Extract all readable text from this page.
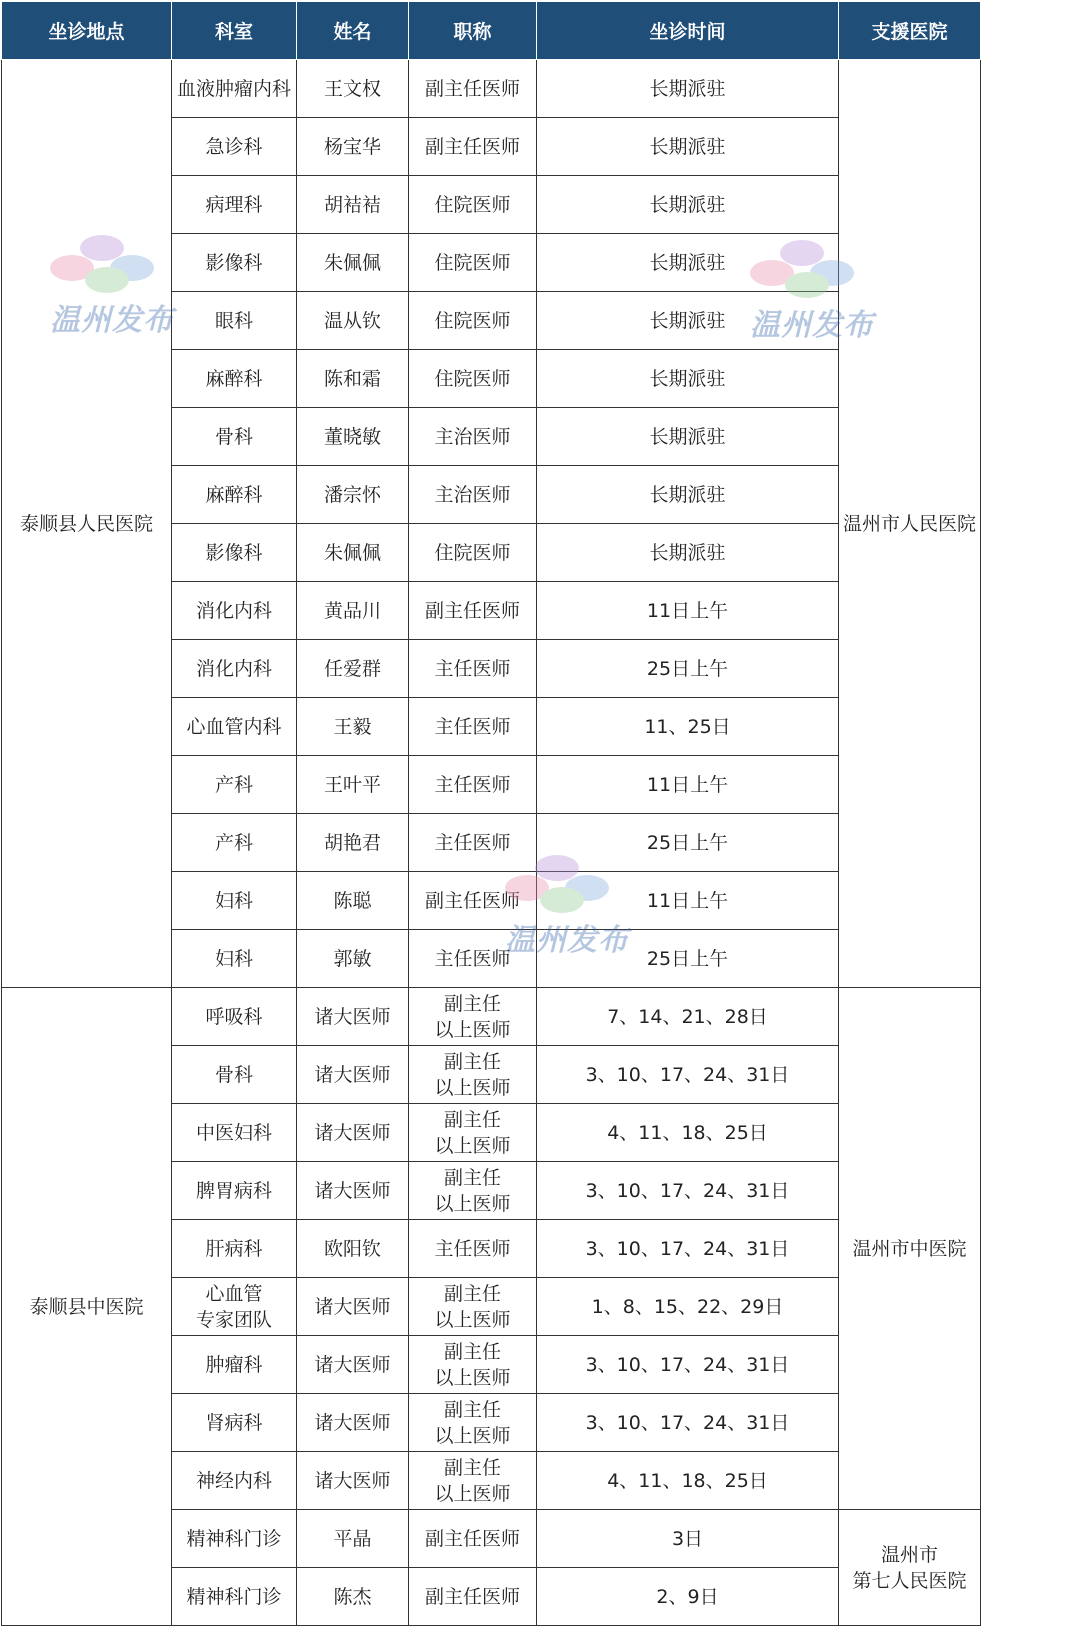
坐诊地点	科室	姓名	职称	坐诊时间	支援医院
泰顺县人民医院	血液肿瘤内科	王文权	副主任医师	长期派驻	温州市人民医院

	急诊科	杨宝华	副主任医师	长期派驻	

	病理科	胡袺袺	住院医师	长期派驻	

	影像科	朱佩佩	住院医师	长期派驻	

	眼科	温从钦	住院医师	长期派驻	

	麻醉科	陈和霜	住院医师	长期派驻	

	骨科	董晓敏	主治医师	长期派驻	

	麻醉科	潘宗怀	主治医师	长期派驻	

	影像科	朱佩佩	住院医师	长期派驻	

	消化内科	黄品川	副主任医师	11日上午	

	消化内科	任爱群	主任医师	25日上午	

	心血管内科	王毅	主任医师	11、25日	

	产科	王叶平	主任医师	11日上午	

	产科	胡艳君	主任医师	25日上午	

	妇科	陈聪	副主任医师	11日上午	

	妇科	郭敏	主任医师	25日上午	
泰顺县中医院	呼吸科	诸大医师	副主任
以上医师	7、14、21、28日	温州市中医院

	骨科	诸大医师	副主任
以上医师	3、10、17、24、31日	

	中医妇科	诸大医师	副主任
以上医师	4、11、18、25日	

	脾胃病科	诸大医师	副主任
以上医师	3、10、17、24、31日	

	肝病科	欧阳钦	主任医师	3、10、17、24、31日	

	心血管
专家团队	诸大医师	副主任
以上医师	1、8、15、22、29日	

	肿瘤科	诸大医师	副主任
以上医师	3、10、17、24、31日	

	肾病科	诸大医师	副主任
以上医师	3、10、17、24、31日	

	神经内科	诸大医师	副主任
以上医师	4、11、18、25日	

	精神科门诊	平晶	副主任医师	3日	温州市
第七人民医院

	精神科门诊	陈杰	副主任医师	2、9日	
温州发布	温州发布
温州发布
